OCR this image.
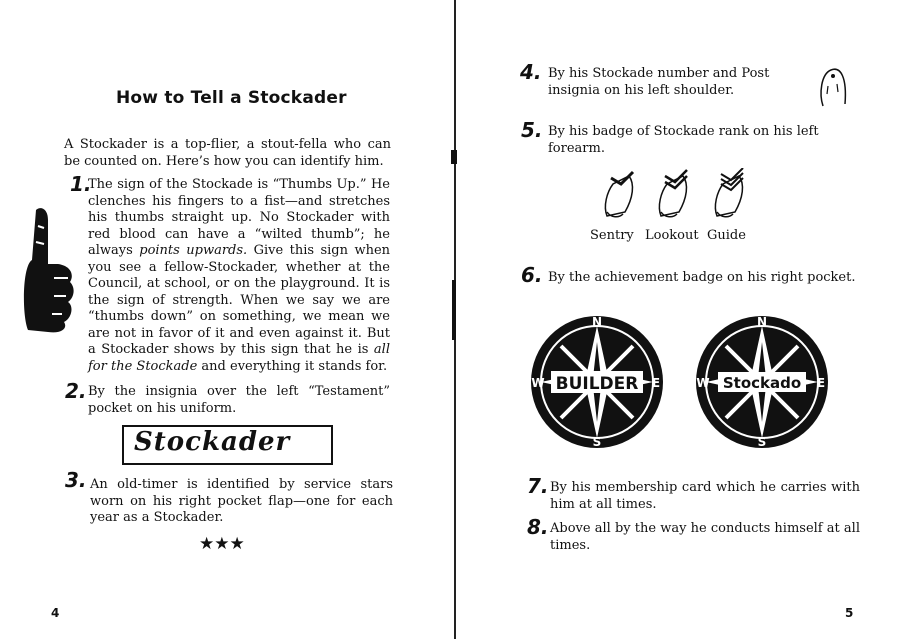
How to Tell a Stockader
A Stockader is a top-flier, a stout-fella who can be counted on. Here’s how you can identify him.
1.
The sign of the Stockade is “Thumbs Up.” He clenches his fingers to a fist—and stretches his thumbs straight up. No Stockader with red blood can have a “wilted thumb”; he always points upwards. Give this sign when you see a fellow-Stockader, whether at the Council, at school, or on the playground. It is the sign of strength. When we say we are “thumbs down” on something, we mean we are not in favor of it and even against it. But a Stockader shows by this sign that he is all for the Stockade and everything it stands for.
2. By the insignia over the left “Testament” pocket on his uniform.
Stockader
3. An old-timer is identified by service stars worn on his right pocket flap—one for each year as a Stockader.
★★★
4
4. By his Stockade number and Post insignia on his left shoulder.
5. By his badge of Stockade rank on his left forearm.
Sentry Lookout Guide
6. By the achievement badge on his right pocket.
BUILDER
N
S
W	E	Stockado
N
S
W	E
7. By his membership card which he carries with him at all times.
8. Above all by the way he conducts himself at all times.
5
